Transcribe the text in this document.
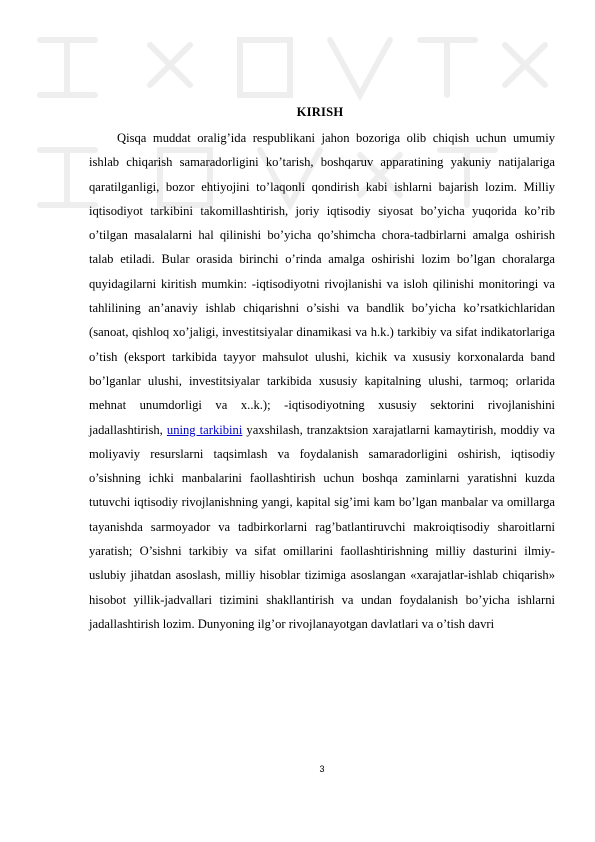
KIRISH

Qisqa muddat oralig’ida respublikani jahon bozoriga olib chiqish uchun umumiy ishlab chiqarish samaradorligini ko’tarish, boshqaruv apparatining yakuniy natijalariga qaratilganligi, bozor ehtiyojini to’laqonli qondirish kabi ishlarni bajarish lozim. Milliy iqtisodiyot tarkibini takomillashtirish, joriy iqtisodiy siyosat bo’yicha yuqorida ko’rib o’tilgan masalalarni hal qilinishi bo’yicha qo’shimcha chora-tadbirlarni amalga oshirish talab etiladi. Bular orasida birinchi o’rinda amalga oshirishi lozim bo’lgan choralarga quyidagilarni kiritish mumkin: -iqtisodiyotni rivojlanishi va isloh qilinishi monitoringi va tahlilining an’anaviy ishlab chiqarishni o’sishi va bandlik bo’yicha ko’rsatkichlaridan (sanoat, qishloq xo’jaligi, investitsiyalar dinamikasi va h.k.) tarkibiy va sifat indikatorlariga o’tish (eksport tarkibida tayyor mahsulot ulushi, kichik va xususiy korxonalarda band bo’lganlar ulushi, investitsiyalar tarkibida xususiy kapitalning ulushi, tarmoq; orlarida mehnat unumdorligi va x..k.); -iqtisodiyotning xususiy sektorini rivojlanishini jadallashtirish, uning tarkibini yaxshilash, tranzaktsion xarajatlarni kamaytirish, moddiy va moliyaviy resurslarni taqsimlash va foydalanish samaradorligini oshirish, iqtisodiy o’sishning ichki manbalarini faollashtirish uchun boshqa zaminlarni yaratishni kuzda tutuvchi iqtisodiy rivojlanishning yangi, kapital sig’imi kam bo’lgan manbalar va omillarga tayanishda sarmoyador va tadbirkorlarni rag’batlantiruvchi makroiqtisodiy sharoitlarni yaratish; O’sishni tarkibiy va sifat omillarini faollashtirishning milliy dasturini ilmiy-uslubiy jihatdan asoslash, milliy hisoblar tizimiga asoslangan «xarajatlar-ishlab chiqarish» hisobot yillik-jadvallari tizimini shakllantirish va undan foydalanish bo’yicha ishlarni jadallashtirish lozim. Dunyoning ilg’or rivojlanayotgan davlatlari va o’tish davri

3
